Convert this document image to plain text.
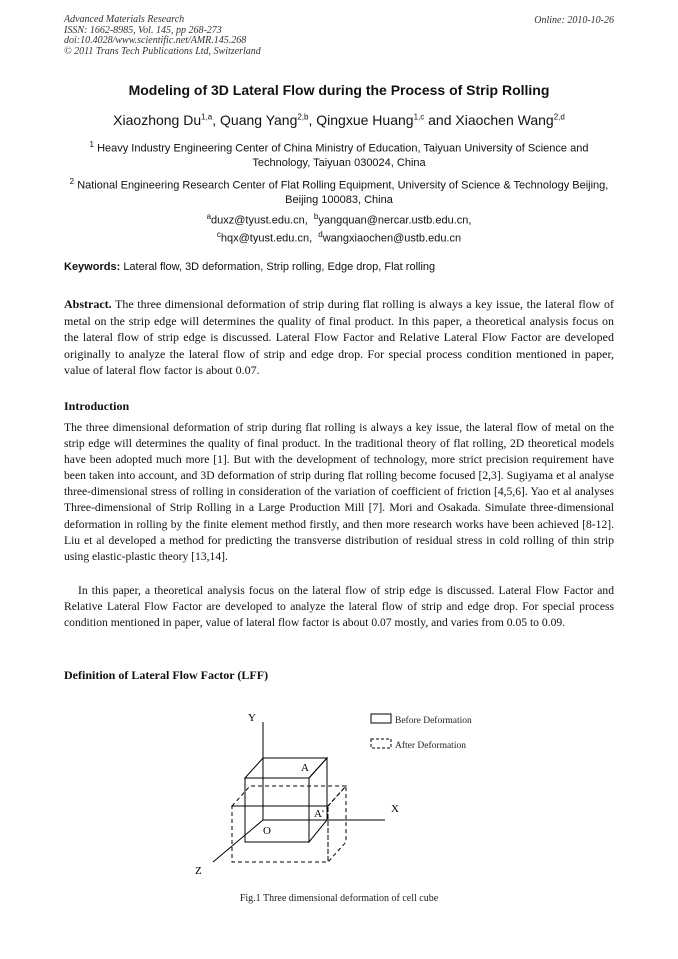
Advanced Materials Research
ISSN: 1662-8985, Vol. 145, pp 268-273
doi:10.4028/www.scientific.net/AMR.145.268
© 2011 Trans Tech Publications Ltd, Switzerland
Online: 2010-10-26
Modeling of 3D Lateral Flow during the Process of Strip Rolling
Xiaozhong Du$^{1,a}$, Quang Yang$^{2,b}$, Qingxue Huang$^{1,c}$ and Xiaochen Wang$^{2,d}$
$^1$ Heavy Industry Engineering Center of China Ministry of Education, Taiyuan University of Science and Technology, Taiyuan 030024, China
$^2$ National Engineering Research Center of Flat Rolling Equipment, University of Science & Technology Beijing, Beijing 100083, China
$^a$duxz@tyust.edu.cn, $^b$yangquan@nercar.ustb.edu.cn,
$^c$hqx@tyust.edu.cn, $^d$wangxiaochen@ustb.edu.cn
Keywords: Lateral flow, 3D deformation, Strip rolling, Edge drop, Flat rolling
Abstract. The three dimensional deformation of strip during flat rolling is always a key issue, the lateral flow of metal on the strip edge will determines the quality of final product. In this paper, a theoretical analysis focus on the lateral flow of strip edge is discussed. Lateral Flow Factor and Relative Lateral Flow Factor are developed originally to analyze the lateral flow of strip and edge drop. For special process condition mentioned in paper, value of lateral flow factor is about 0.07.
Introduction
The three dimensional deformation of strip during flat rolling is always a key issue, the lateral flow of metal on the strip edge will determines the quality of final product. In the traditional theory of flat rolling, 2D theoretical models have been adopted much more [1]. But with the development of technology, more strict precision requirement have been taken into account, and 3D deformation of strip during flat rolling become focused [2,3]. Sugiyama et al analyse three-dimensional stress of rolling in consideration of the variation of coefficient of friction [4,5,6]. Yao et al analyses Three-dimensional of Strip Rolling in a Large Production Mill [7]. Mori and Osakada. Simulate three-dimensional deformation in rolling by the finite element method firstly, and then more research works have been achieved [8-12]. Liu et al developed a method for predicting the transverse distribution of residual stress in cold rolling of thin strip using elastic-plastic theory [13,14].
In this paper, a theoretical analysis focus on the lateral flow of strip edge is discussed. Lateral Flow Factor and Relative Lateral Flow Factor are developed to analyze the lateral flow of strip and edge drop. For special process condition mentioned in paper, value of lateral flow factor is about 0.07 mostly, and varies from 0.05 to 0.09.
Definition of Lateral Flow Factor (LFF)
Y
X
Z
O
A
A'
Before Deformation
After Deformation
Fig.1 Three dimensional deformation of cell cube
